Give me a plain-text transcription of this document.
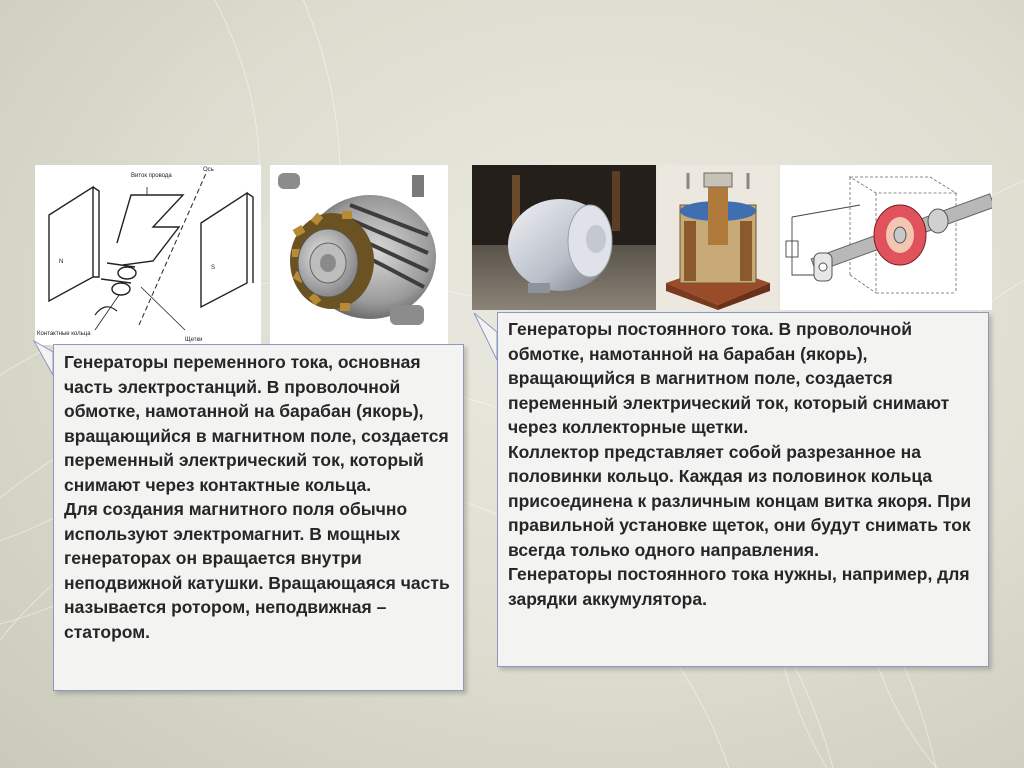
Виток провода
Ось
N
S
Контактные кольца
Щетки

Генераторы переменного тока, основная часть электростанций. В проволочной обмотке, намотанной на барабан (якорь), вращающийся в магнитном поле, создается переменный электрический ток, который снимают через контактные кольца.

Для создания магнитного поля обычно используют электромагнит. В мощных генераторах он вращается внутри неподвижной катушки. Вращающаяся часть называется ротором, неподвижная – статором.

Генераторы постоянного тока. В проволочной обмотке, намотанной на барабан (якорь), вращающийся в магнитном поле, создается переменный электрический ток, который снимают через коллекторные щетки.

Коллектор представляет собой разрезанное на половинки кольцо. Каждая из половинок кольца присоединена к различным концам витка якоря. При правильной установке щеток, они будут снимать ток всегда только одного направления.

Генераторы постоянного тока нужны, например, для зарядки аккумулятора.
